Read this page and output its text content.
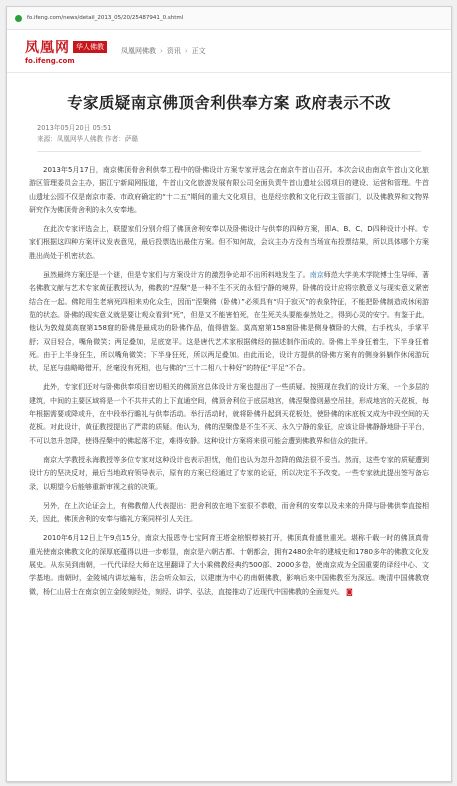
fo.ifeng.com/news/detail_2013_05/20/25487941_0.shtml
凤凰网 华人佛教
fo.ifeng.com
凤凰网佛教 › 资讯 › 正文
专家质疑南京佛顶舍利供奉方案 政府表示不改
2013年05月20日 05:51
来源：凤凰网华人佛教 作者：萨璐

2013年5月17日，南京佛顶骨舍利供奉工程中的卧佛设计方案专家评选会在南京牛首山召开。本次会议由南京牛首山文化旅游区管理委员会主办，据江宁新闻网报道，牛首山文化旅游发展有限公司全面负责牛首山遗址公园项目的建设、运营和管理。牛首山遗址公园不仅是南京市委、市政府确定的“十二五”期间的重大文化项目，也是经宗教和文化行政主管部门，以及佛教界和文物界研究作为佛顶骨舍利的永久安奉地。

在此次专家评选会上，联盟家们分别介绍了佛顶舍利安奉以及卧佛设计与供奉的四种方案，即A、B、C、D四种设计小样。专家们根据这四种方案评议发表意见，最后投票选出最佳方案。但不知何故，会议主办方没有当场宣布投票结果，所以具体哪个方案胜出尚处于机密状态。

虽然最终方案还是一个谜，但是专家们与方案设计方的激烈争论却不出所料地发生了。南京师范大学美术学院博士生导师、著名佛教文献与艺术专家黄征教授认为，佛教的“涅槃”是一种不生不灭的永恒宁静的境界，卧佛的设计应将宗教意义与现实意义紧密结合在一起。佛陀用生老病死四相来劝化众生，因而“涅槃佛（卧佛）”必须具有“归于寂灭”的表象特征，不能把卧佛制造成休闲游览的状态。卧佛的现实意义就是要让观众看到“死”，但是又不能害怕死，在生死关头要能泰然处之，得到心灵的安宁。有鉴于此，他认为敦煌莫高窟第158窟的卧佛是最成功的卧佛作品，值得借鉴。莫高窟第158窟卧佛是侧身横卧的大佛，右手枕头，手掌平舒；双目轻合，嘴角微笑；两足叠加，足底宽平。这是唐代艺术家根据佛经的描述制作而成的。卧佛上半身狂着生，下半身狂着死。由于上半身狂生，所以嘴角微笑；下半身狂死，所以两足叠加。由此而论，设计方提供的卧佛方案有的侧身斜躺作休闲游玩状，足底与曲略略错开，丝毫没有死相，也与佛的“三十二相八十种好”的特征“平足”不合。

此外，专家们还对与卧佛供奉项目密切相关的佛顶宫总体设计方案也提出了一些质疑。按照现在我们的设计方案，一个多层的建筑，中间的主要区域将是一个不共井式的上下直通空间，佛顶舍利位于底层地宫，佛涅槃像则悬空吊挂，形成地宫的天花板，每年根据需要或降或升，在中段举行瞻礼与供奉活动。举行活动时，就将卧佛升起到天花板处，使卧佛的床底板又成为中段空间的天花板。对此设计，黄征教授提出了严肃的质疑。他认为，佛的涅槃像是不生不灭、永久宁静的象征，应该让卧佛静静地卧于平台，不可以忽升忽降，使得涅槃中的佛起落不定，难得安静。这种设计方案将来很可能会遭到佛教界和信众的批评。

南京大学教授永海教授等多位专家对这种设计也表示担忧，他们也认为忽升忽降的做法很不妥当。然而，这些专家的质疑遭到设计方的坚决反对，最后当地政府领导表示，原有的方案已经通过了专家的论证，所以决定不予改变。一些专家就此提出签写备忘录，以期望今后能够重新审视之前的决策。

另外，在上次论证会上，有佛教僧人代表提出：把舍利放在地下室很不恭敬，而舍利的安奉以及未来的升降与卧佛供奉直接相关，因此，佛顶舍利的安奉与瞻礼方案同样引人关注。

2010年6月12日上午9点15分，南京大报恩寺七宝阿育王塔金棺银椁被打开，佛顶真骨盛世重光。堪称千载一时的佛顶真骨重光使南京佛教文化的深厚底蕴得以进一步彰显，南京是六朝古都、十朝都会，拥有2480余年的建城史和1780多年的佛教文化发展史。从东吴到南朝，一代代译经大师在这里翻译了大小乘佛教经典约500部、2000多卷，使南京成为全国重要的译经中心、文学基地。南朝时，金陵城内讲坛遍布，法会听众如云，以建康为中心的南朝佛教，影响后来中国佛教至为深远。晚清中国佛教衰微，杨仁山居士在南京创立金陵刻经处，刻经、讲学、弘法，直接推动了近现代中国佛教的全面复兴。 ◙
